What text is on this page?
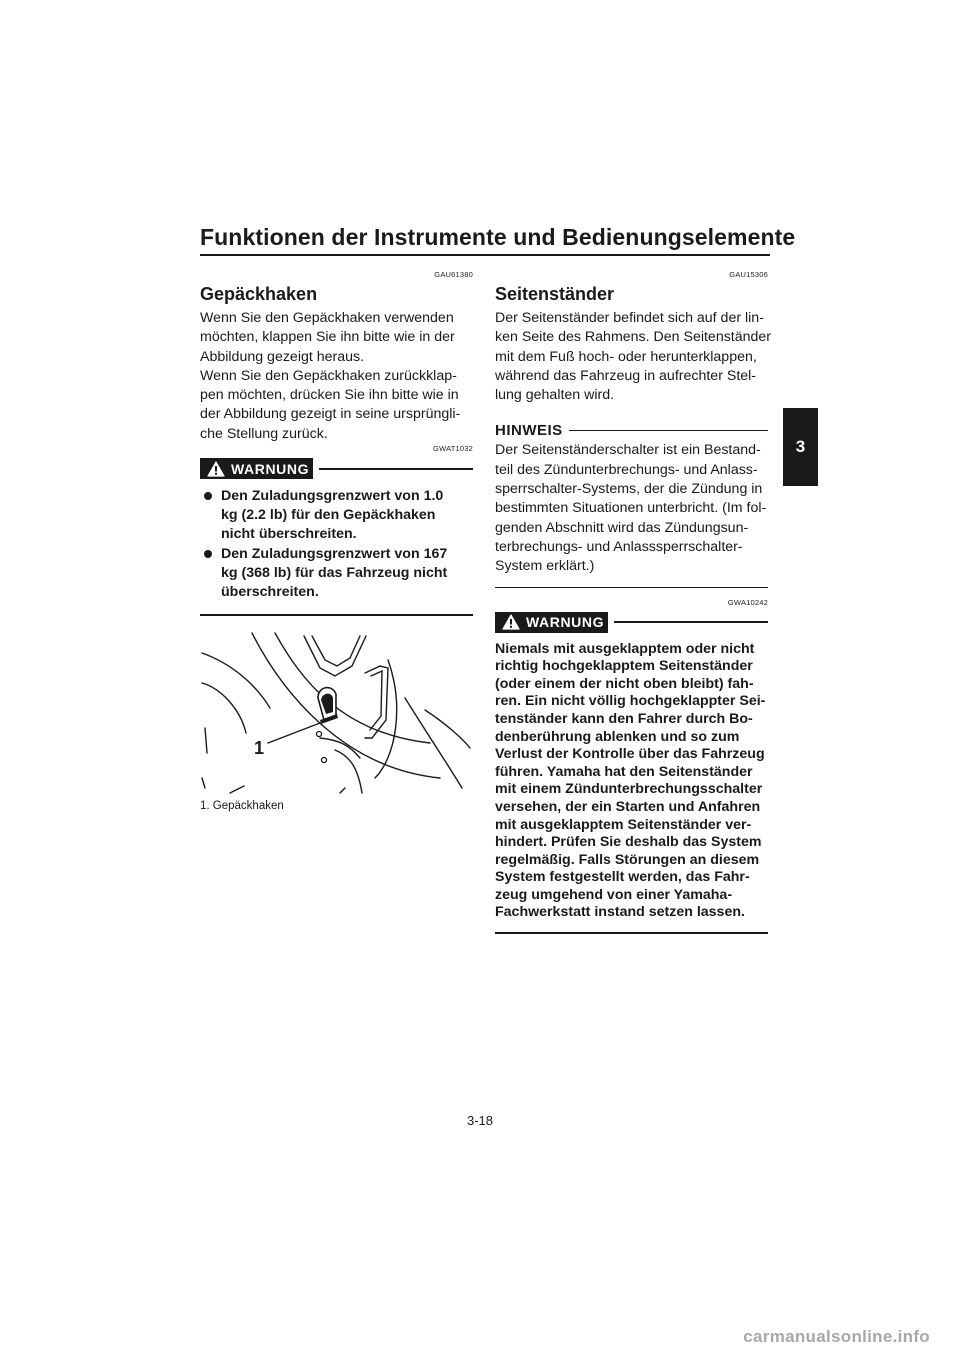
Funktionen der Instrumente und Bedienungselemente
3
GAU61380
Gepäckhaken

Wenn Sie den Gepäckhaken verwenden
möchten, klappen Sie ihn bitte wie in der
Abbildung gezeigt heraus.
Wenn Sie den Gepäckhaken zurückklap-
pen möchten, drücken Sie ihn bitte wie in
der Abbildung gezeigt in seine ursprüngli-
che Stellung zurück.

GWAT1032
WARNUNG
Den Zuladungsgrenzwert von 1.0
kg (2.2 lb) für den Gepäckhaken
nicht überschreiten.
Den Zuladungsgrenzwert von 167
kg (368 lb) für das Fahrzeug nicht
überschreiten.
1
1. Gepäckhaken
GAU15306
Seitenständer

Der Seitenständer befindet sich auf der lin-
ken Seite des Rahmens. Den Seitenständer
mit dem Fuß hoch- oder herunterklappen,
während das Fahrzeug in aufrechter Stel-
lung gehalten wird.

HINWEIS

Der Seitenständerschalter ist ein Bestand-
teil des Zündunterbrechungs- und Anlass-
sperrschalter-Systems, der die Zündung in
bestimmten Situationen unterbricht. (Im fol-
genden Abschnitt wird das Zündungsun-
terbrechungs- und Anlasssperrschalter-
System erklärt.)

GWA10242
WARNUNG
Niemals mit ausgeklapptem oder nicht
richtig hochgeklapptem Seitenständer
(oder einem der nicht oben bleibt) fah-
ren. Ein nicht völlig hochgeklappter Sei-
tenständer kann den Fahrer durch Bo-
denberührung ablenken und so zum
Verlust der Kontrolle über das Fahrzeug
führen. Yamaha hat den Seitenständer
mit einem Zündunterbrechungsschalter
versehen, der ein Starten und Anfahren
mit ausgeklapptem Seitenständer ver-
hindert. Prüfen Sie deshalb das System
regelmäßig. Falls Störungen an diesem
System festgestellt werden, das Fahr-
zeug umgehend von einer Yamaha-
Fachwerkstatt instand setzen lassen.
3-18
carmanualsonline.info
